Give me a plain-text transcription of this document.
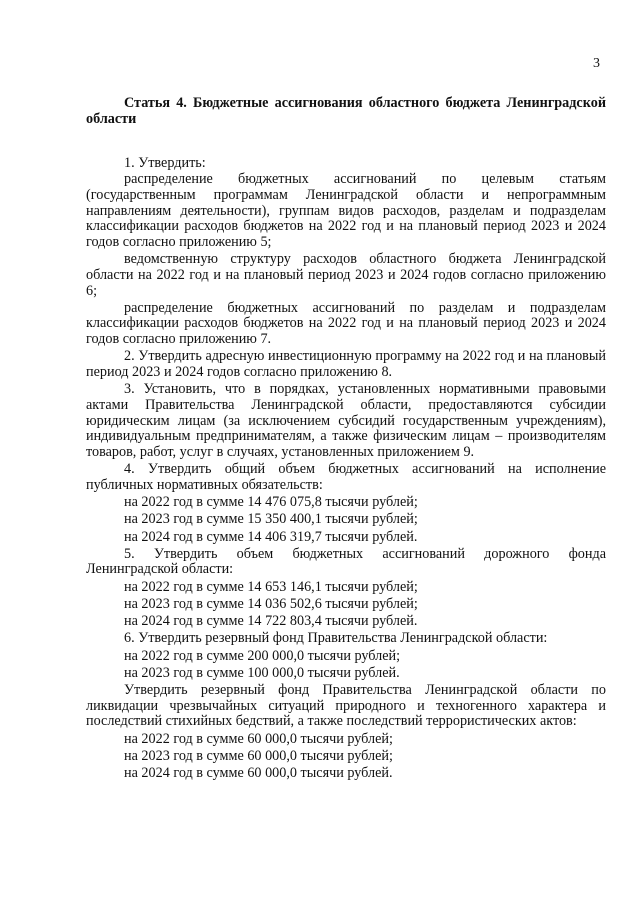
3
Статья 4. Бюджетные ассигнования областного бюджета Ленинградской области
1. Утвердить:
распределение бюджетных ассигнований по целевым статьям (государственным программам Ленинградской области и непрограммным направлениям деятельности), группам видов расходов, разделам и подразделам классификации расходов бюджетов на 2022 год и на плановый период 2023 и 2024 годов согласно приложению 5;
ведомственную структуру расходов областного бюджета Ленинградской области на 2022 год и на плановый период 2023 и 2024 годов согласно приложению 6;
распределение бюджетных ассигнований по разделам и подразделам классификации расходов бюджетов на 2022 год и на плановый период 2023 и 2024 годов согласно приложению 7.
2. Утвердить адресную инвестиционную программу на 2022 год и на плановый период 2023 и 2024 годов согласно приложению 8.
3. Установить, что в порядках, установленных нормативными правовыми актами Правительства Ленинградской области, предоставляются субсидии юридическим лицам (за исключением субсидий государственным учреждениям), индивидуальным предпринимателям, а также физическим лицам – производителям товаров, работ, услуг в случаях, установленных приложением 9.
4. Утвердить общий объем бюджетных ассигнований на исполнение публичных нормативных обязательств:
на 2022 год в сумме 14 476 075,8 тысячи рублей;
на 2023 год в сумме 15 350 400,1 тысячи рублей;
на 2024 год в сумме 14 406 319,7 тысячи рублей.
5. Утвердить объем бюджетных ассигнований дорожного фонда Ленинградской области:
на 2022 год в сумме 14 653 146,1 тысячи рублей;
на 2023 год в сумме 14 036 502,6 тысячи рублей;
на 2024 год в сумме 14 722 803,4 тысячи рублей.
6. Утвердить резервный фонд Правительства Ленинградской области:
на 2022 год в сумме 200 000,0 тысячи рублей;
на 2023 год в сумме 100 000,0 тысячи рублей.
Утвердить резервный фонд Правительства Ленинградской области по ликвидации чрезвычайных ситуаций природного и техногенного характера и последствий стихийных бедствий, а также последствий террористических актов:
на 2022 год в сумме 60 000,0 тысячи рублей;
на 2023 год в сумме 60 000,0 тысячи рублей;
на 2024 год в сумме 60 000,0 тысячи рублей.
